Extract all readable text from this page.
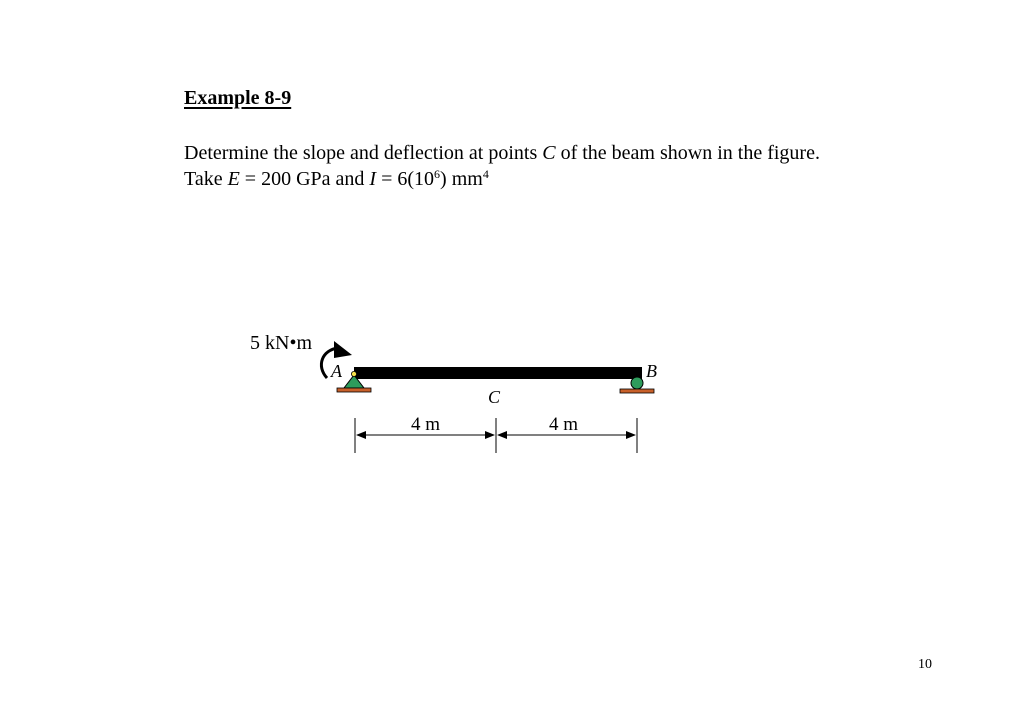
Example 8-9
Determine the slope and deflection at points C of the beam shown in the figure.
Take E = 200 GPa and $I = 6(10^6)$ $mm^4$
5 kN•m
A	B
C
4 m	4 m
10
